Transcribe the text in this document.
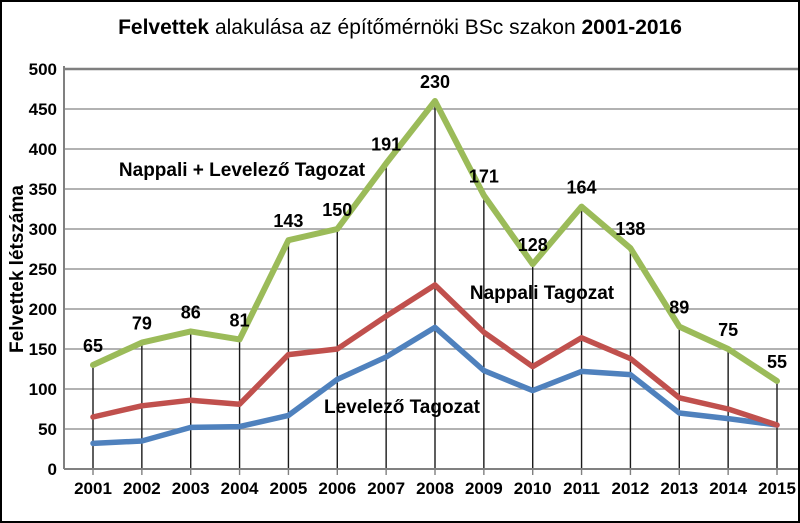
Felvettek alakulása az építőmérnöki BSc szakon 2001-2016
Felvettek létszáma
0
50
100
150
200
250
300
350
400
450
500
2001 2002 2003 2004 2005 2006 2007 2008 2009 2010 2011 2012 2013 2014 2015
65
79
86 81
143
150
191
230
171
128
164
138
89
75
55
Nappali + Levelező Tagozat
Nappali Tagozat
Levelező Tagozat
